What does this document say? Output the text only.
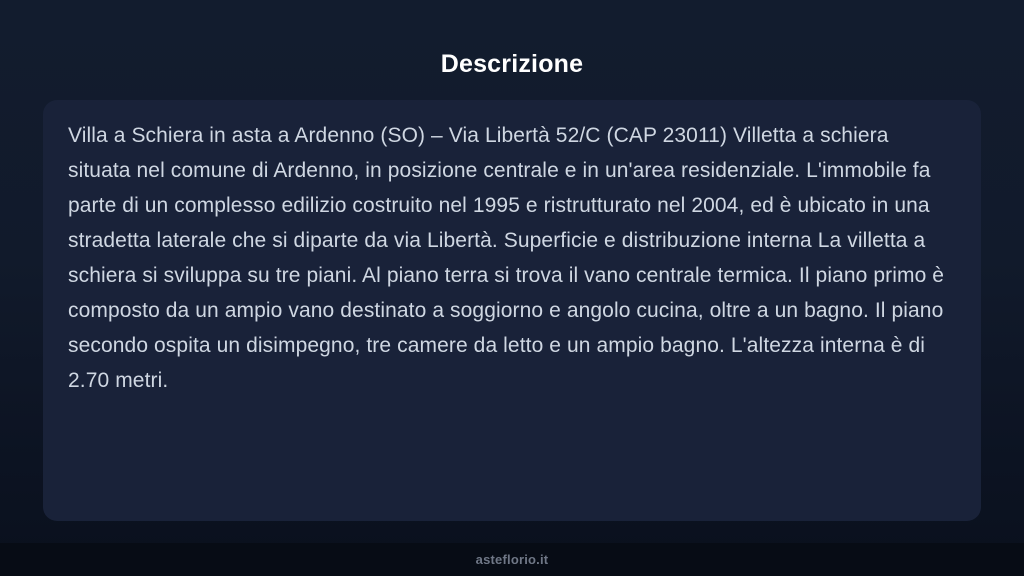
Descrizione
Villa a Schiera in asta a Ardenno (SO) – Via Libertà 52/C (CAP 23011) Villetta a schiera situata nel comune di Ardenno, in posizione centrale e in un'area residenziale. L'immobile fa parte di un complesso edilizio costruito nel 1995 e ristrutturato nel 2004, ed è ubicato in una stradetta laterale che si diparte da via Libertà. Superficie e distribuzione interna La villetta a schiera si sviluppa su tre piani. Al piano terra si trova il vano centrale termica. Il piano primo è composto da un ampio vano destinato a soggiorno e angolo cucina, oltre a un bagno. Il piano secondo ospita un disimpegno, tre camere da letto e un ampio bagno. L'altezza interna è di 2.70 metri.
asteflorio.it
